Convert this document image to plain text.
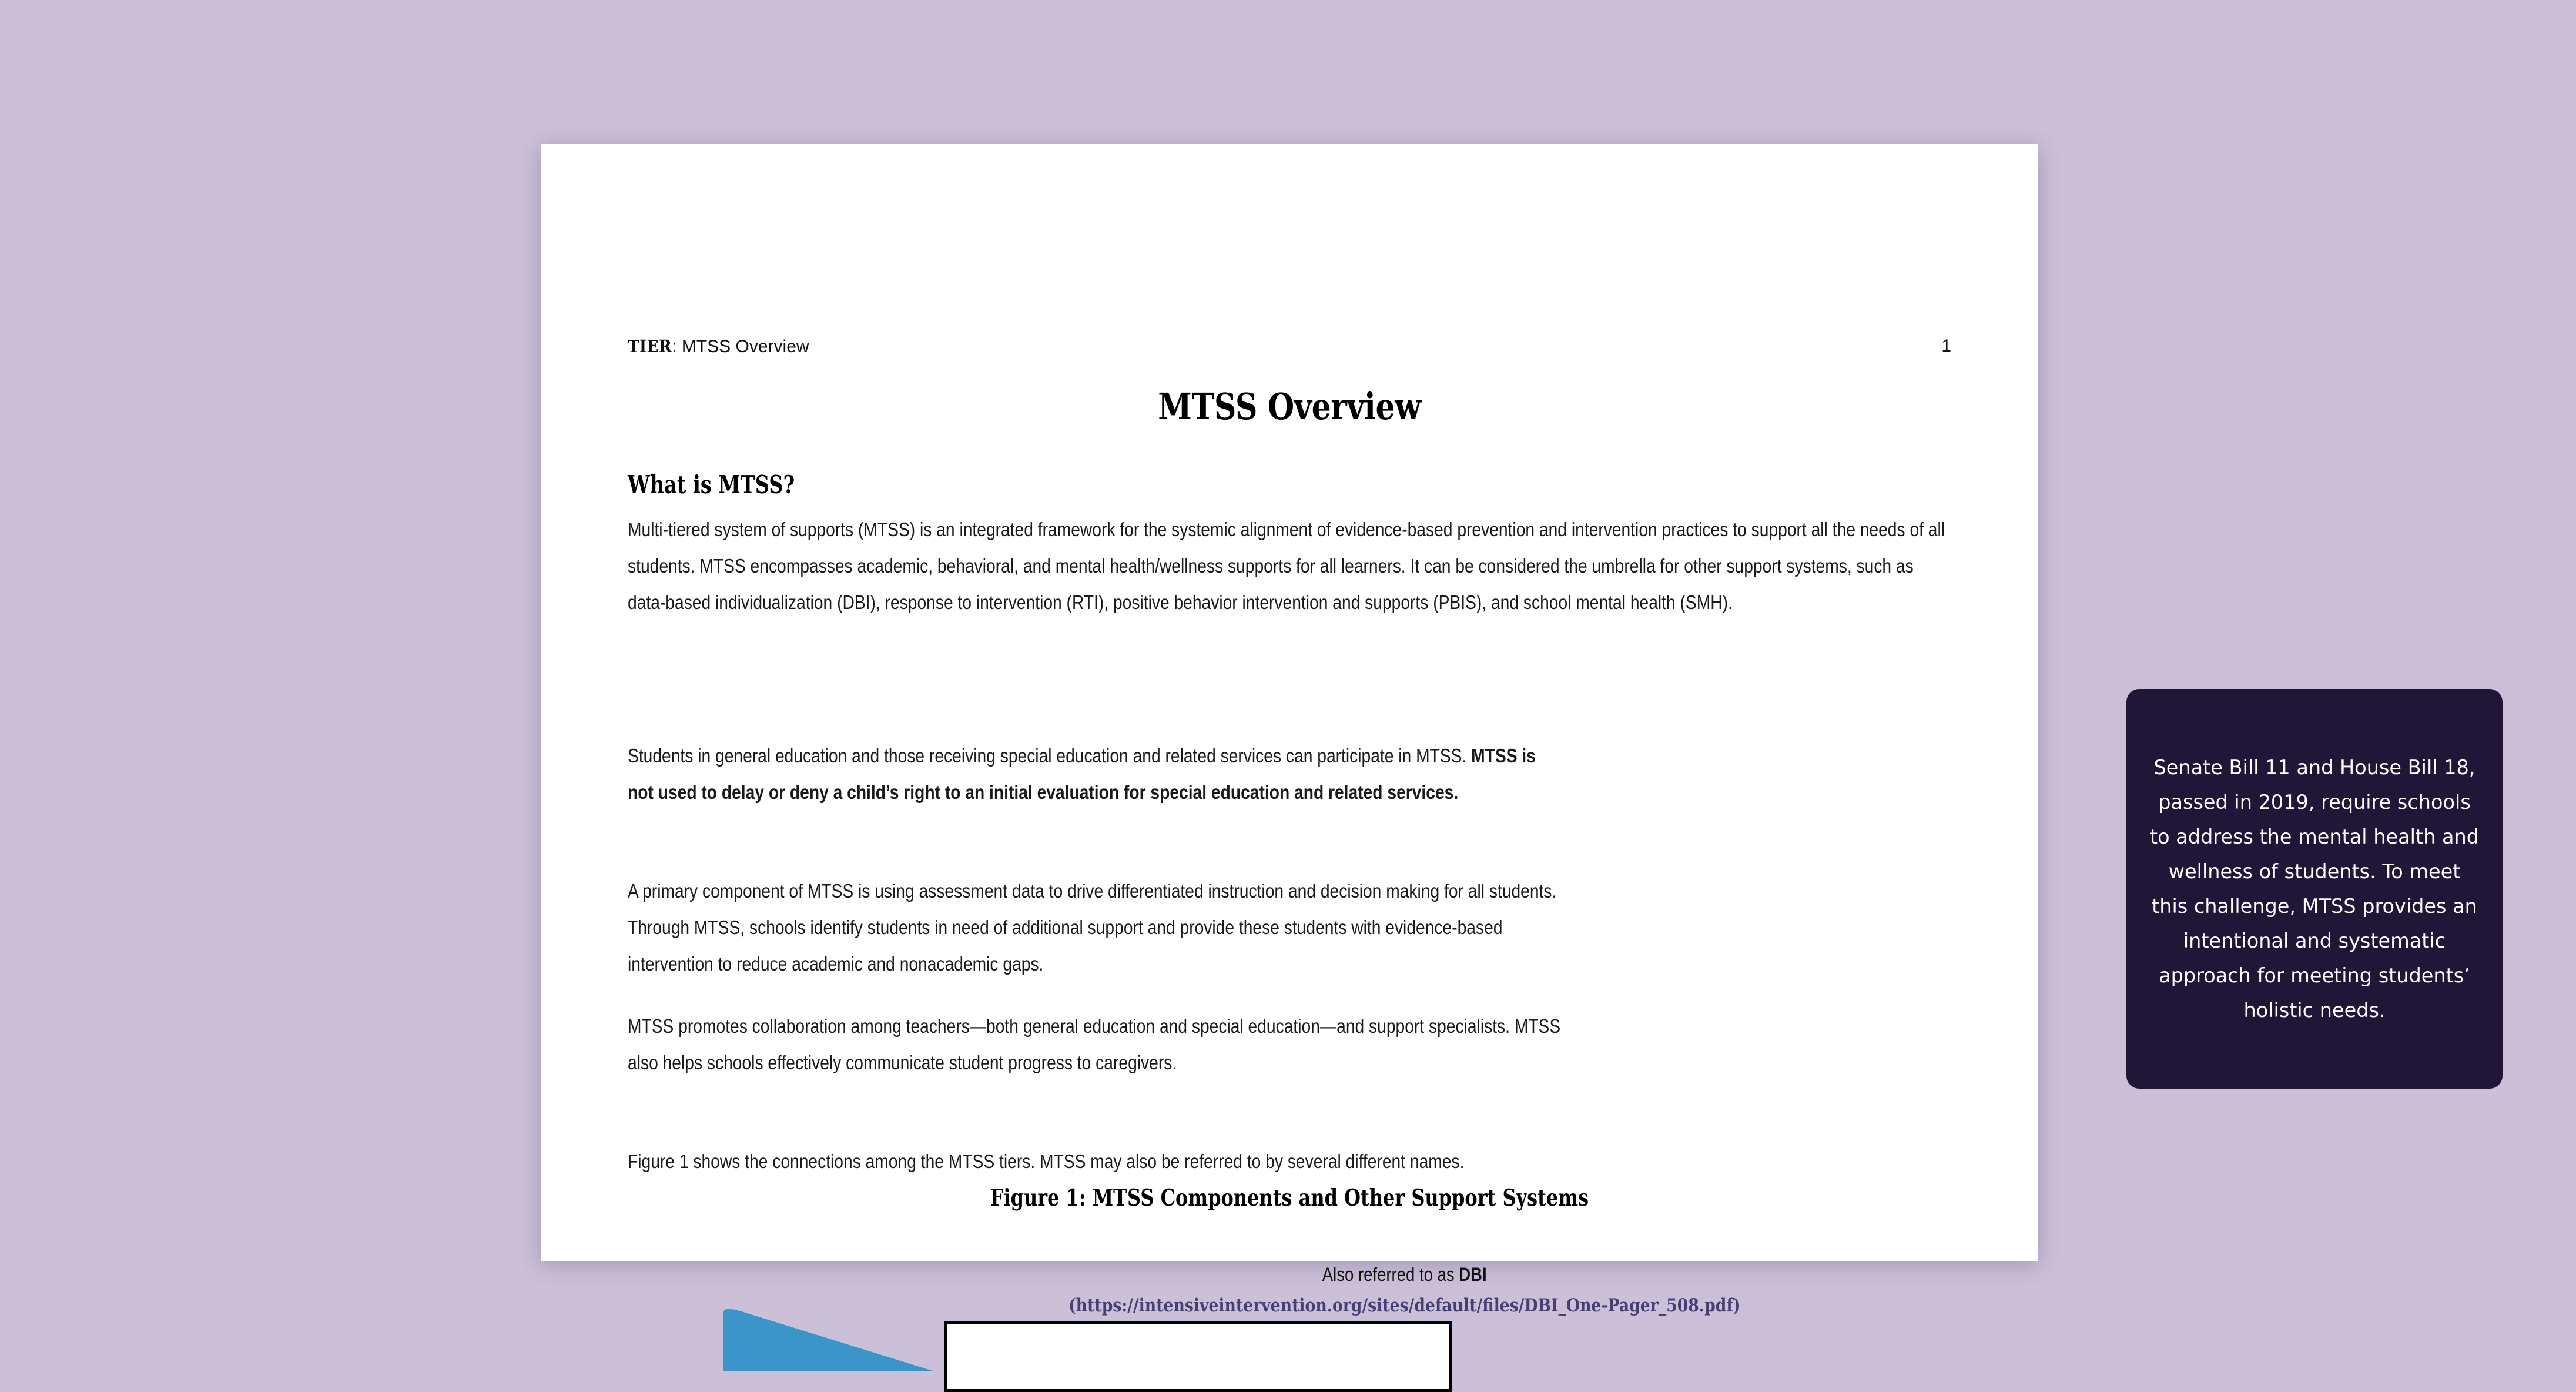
TIER: MTSS Overview	1
MTSS Overview
What is MTSS?
Multi-tiered system of supports (MTSS) is an integrated framework for the systemic alignment of evidence-based prevention and intervention practices to support all the needs of all students. MTSS encompasses academic, behavioral, and mental health/wellness supports for all learners. It can be considered the umbrella for other support systems, such as data-based individualization (DBI), response to intervention (RTI), positive behavior intervention and supports (PBIS), and school mental health (SMH).
Students in general education and those receiving special education and related services can participate in MTSS. MTSS is not used to delay or deny a child’s right to an initial evaluation for special education and related services.
A primary component of MTSS is using assessment data to drive differentiated instruction and decision making for all students. Through MTSS, schools identify students in need of additional support and provide these students with evidence-based intervention to reduce academic and nonacademic gaps.
MTSS promotes collaboration among teachers—both general education and special education—and support specialists. MTSS also helps schools effectively communicate student progress to caregivers.
Figure 1 shows the connections among the MTSS tiers. MTSS may also be referred to by several different names.
Senate Bill 11 and House Bill 18, passed in 2019, require schools to address the mental health and wellness of students. To meet this challenge, MTSS provides an intentional and systematic approach for meeting students’ holistic needs.
Figure 1: MTSS Components and Other Support Systems
Also referred to as DBI
(https://intensiveintervention.org/sites/default/files/DBI_One-Pager_508.pdf)
